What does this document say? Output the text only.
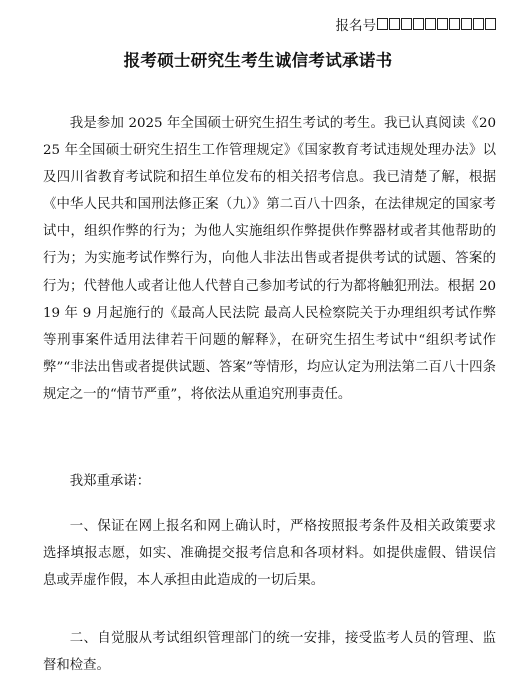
报名号
报考硕士研究生考生诚信考试承诺书

我是参加 2025 年全国硕士研究生招生考试的考生。我已认真阅读《2025 年全国硕士研究生招生工作管理规定》《国家教育考试违规处理办法》以及四川省教育考试院和招生单位发布的相关招考信息。我已清楚了解，根据《中华人民共和国刑法修正案（九）》第二百八十四条，在法律规定的国家考试中，组织作弊的行为；为他人实施组织作弊提供作弊器材或者其他帮助的行为；为实施考试作弊行为，向他人非法出售或者提供考试的试题、答案的行为；代替他人或者让他人代替自己参加考试的行为都将触犯刑法。根据 2019 年 9 月起施行的《最高人民法院 最高人民检察院关于办理组织考试作弊等刑事案件适用法律若干问题的解释》，在研究生招生考试中“组织考试作弊”“非法出售或者提供试题、答案”等情形，均应认定为刑法第二百八十四条规定之一的“情节严重”，将依法从重追究刑事责任。

我郑重承诺：

一、保证在网上报名和网上确认时，严格按照报考条件及相关政策要求选择填报志愿，如实、准确提交报考信息和各项材料。如提供虚假、错误信息或弄虚作假，本人承担由此造成的一切后果。

二、自觉服从考试组织管理部门的统一安排，接受监考人员的管理、监督和检查。
